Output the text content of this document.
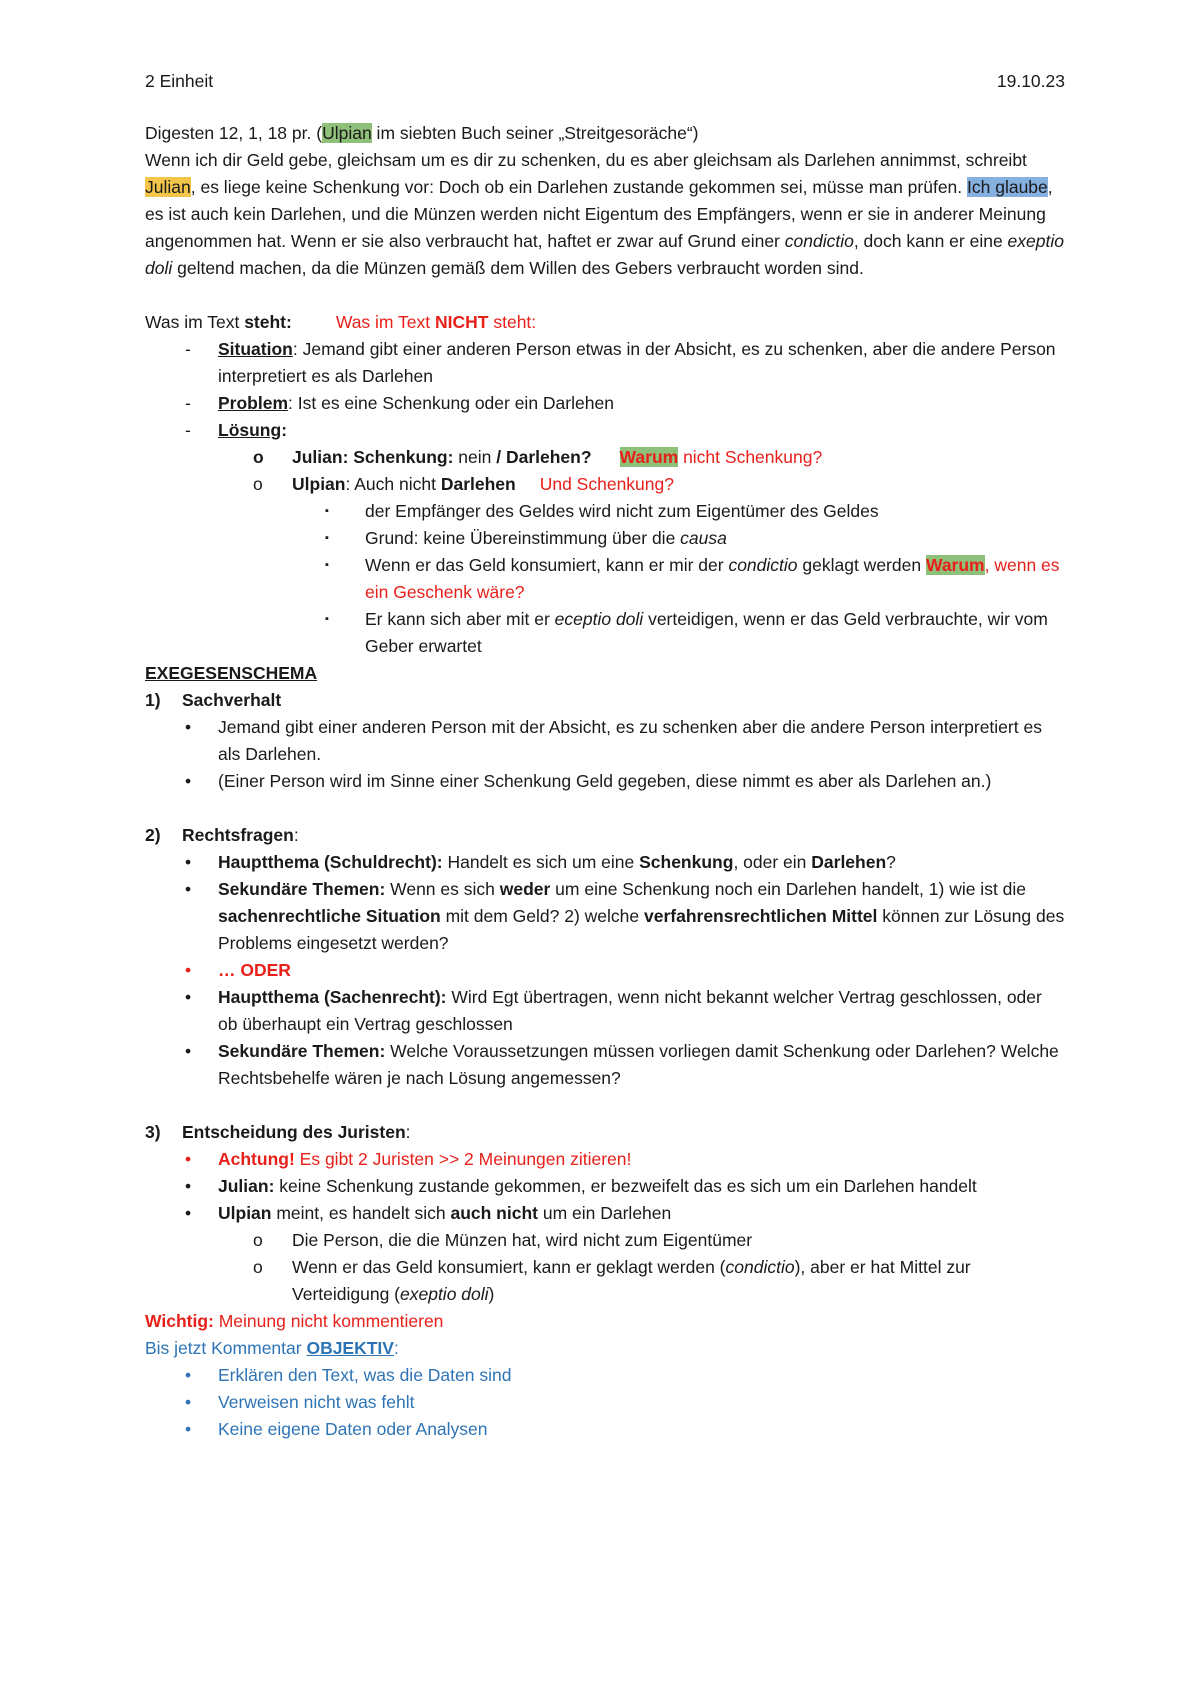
2 Einheit	19.10.23

Digesten 12, 1, 18 pr. (Ulpian im siebten Buch seiner „Streitgesoräche“)
Wenn ich dir Geld gebe, gleichsam um es dir zu schenken, du es aber gleichsam als Darlehen annimmst, schreibt Julian, es liege keine Schenkung vor: Doch ob ein Darlehen zustande gekommen sei, müsse man prüfen. Ich glaube, es ist auch kein Darlehen, und die Münzen werden nicht Eigentum des Empfängers, wenn er sie in anderer Meinung angenommen hat. Wenn er sie also verbraucht hat, haftet er zwar auf Grund einer condictio, doch kann er eine exeptio doli geltend machen, da die Münzen gemäß dem Willen des Gebers verbraucht worden sind.

Was im Text steht:	Was im Text NICHT steht:

- Situation: Jemand gibt einer anderen Person etwas in der Absicht, es zu schenken, aber die andere Person interpretiert es als Darlehen
- Problem: Ist es eine Schenkung oder ein Darlehen
- Lösung:
o Julian: Schenkung: nein / Darlehen? Warum nicht Schenkung?
o Ulpian: Auch nicht Darlehen Und Schenkung?
▪ der Empfänger des Geldes wird nicht zum Eigentümer des Geldes
▪ Grund: keine Übereinstimmung über die causa
▪ Wenn er das Geld konsumiert, kann er mir der condictio geklagt werden Warum, wenn es ein Geschenk wäre?
▪ Er kann sich aber mit er eceptio doli verteidigen, wenn er das Geld verbrauchte, wir vom Geber erwartet

EXEGESENSCHEMA

1) Sachverhalt
• Jemand gibt einer anderen Person mit der Absicht, es zu schenken aber die andere Person interpretiert es als Darlehen.
• (Einer Person wird im Sinne einer Schenkung Geld gegeben, diese nimmt es aber als Darlehen an.)
2) Rechtsfragen:
• Hauptthema (Schuldrecht): Handelt es sich um eine Schenkung, oder ein Darlehen?
• Sekundäre Themen: Wenn es sich weder um eine Schenkung noch ein Darlehen handelt, 1) wie ist die sachenrechtliche Situation mit dem Geld? 2) welche verfahrensrechtlichen Mittel können zur Lösung des Problems eingesetzt werden?
• … ODER
• Hauptthema (Sachenrecht): Wird Egt übertragen, wenn nicht bekannt welcher Vertrag geschlossen, oder ob überhaupt ein Vertrag geschlossen
• Sekundäre Themen: Welche Voraussetzungen müssen vorliegen damit Schenkung oder Darlehen? Welche Rechtsbehelfe wären je nach Lösung angemessen?
3) Entscheidung des Juristen:
• Achtung! Es gibt 2 Juristen >> 2 Meinungen zitieren!
• Julian: keine Schenkung zustande gekommen, er bezweifelt das es sich um ein Darlehen handelt
• Ulpian meint, es handelt sich auch nicht um ein Darlehen
o Die Person, die die Münzen hat, wird nicht zum Eigentümer
o Wenn er das Geld konsumiert, kann er geklagt werden (condictio), aber er hat Mittel zur Verteidigung (exeptio doli)

Wichtig: Meinung nicht kommentieren

Bis jetzt Kommentar OBJEKTIV:

• Erklären den Text, was die Daten sind
• Verweisen nicht was fehlt
• Keine eigene Daten oder Analysen
